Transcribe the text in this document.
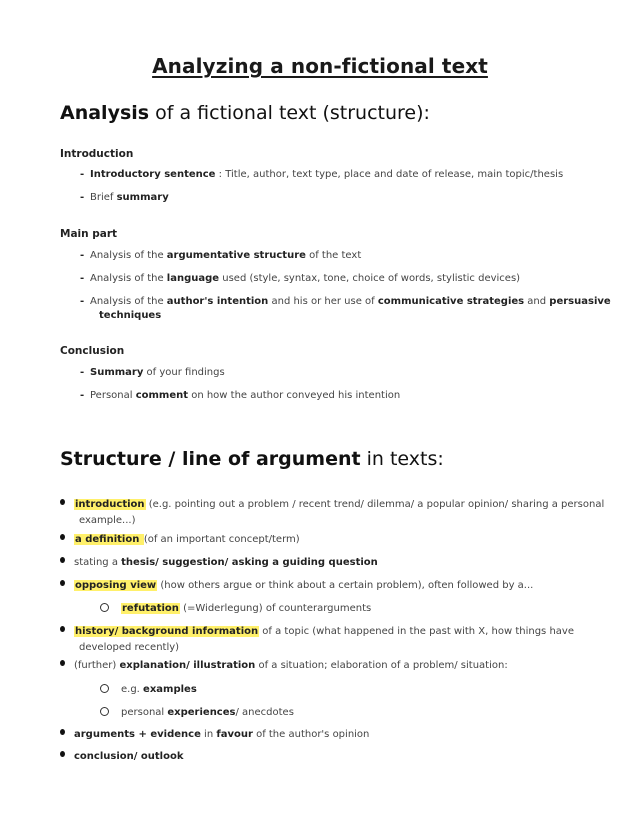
Analyzing a non-fictional text
Analysis of a fictional text (structure):
Introduction
- Introductory sentence : Title, author, text type, place and date of release, main topic/thesis
- Brief summary
Main part
- Analysis of the argumentative structure of the text
- Analysis of the language used (style, syntax, tone, choice of words, stylistic devices)
- Analysis of the author's intention and his or her use of communicative strategies and persuasive
techniques
Conclusion
- Summary of your findings
- Personal comment on how the author conveyed his intention
Structure / line of argument in texts:
introduction (e.g. pointing out a problem / recent trend/ dilemma/ a popular opinion/ sharing a personal
example...)
a definition (of an important concept/term)
stating a thesis/ suggestion/ asking a guiding question
opposing view (how others argue or think about a certain problem), often followed by a...
refutation (=Widerlegung) of counterarguments
history/ background information of a topic (what happened in the past with X, how things have
developed recently)
(further) explanation/ illustration of a situation; elaboration of a problem/ situation:
e.g. examples
personal experiences/ anecdotes
arguments + evidence in favour of the author's opinion
conclusion/ outlook
